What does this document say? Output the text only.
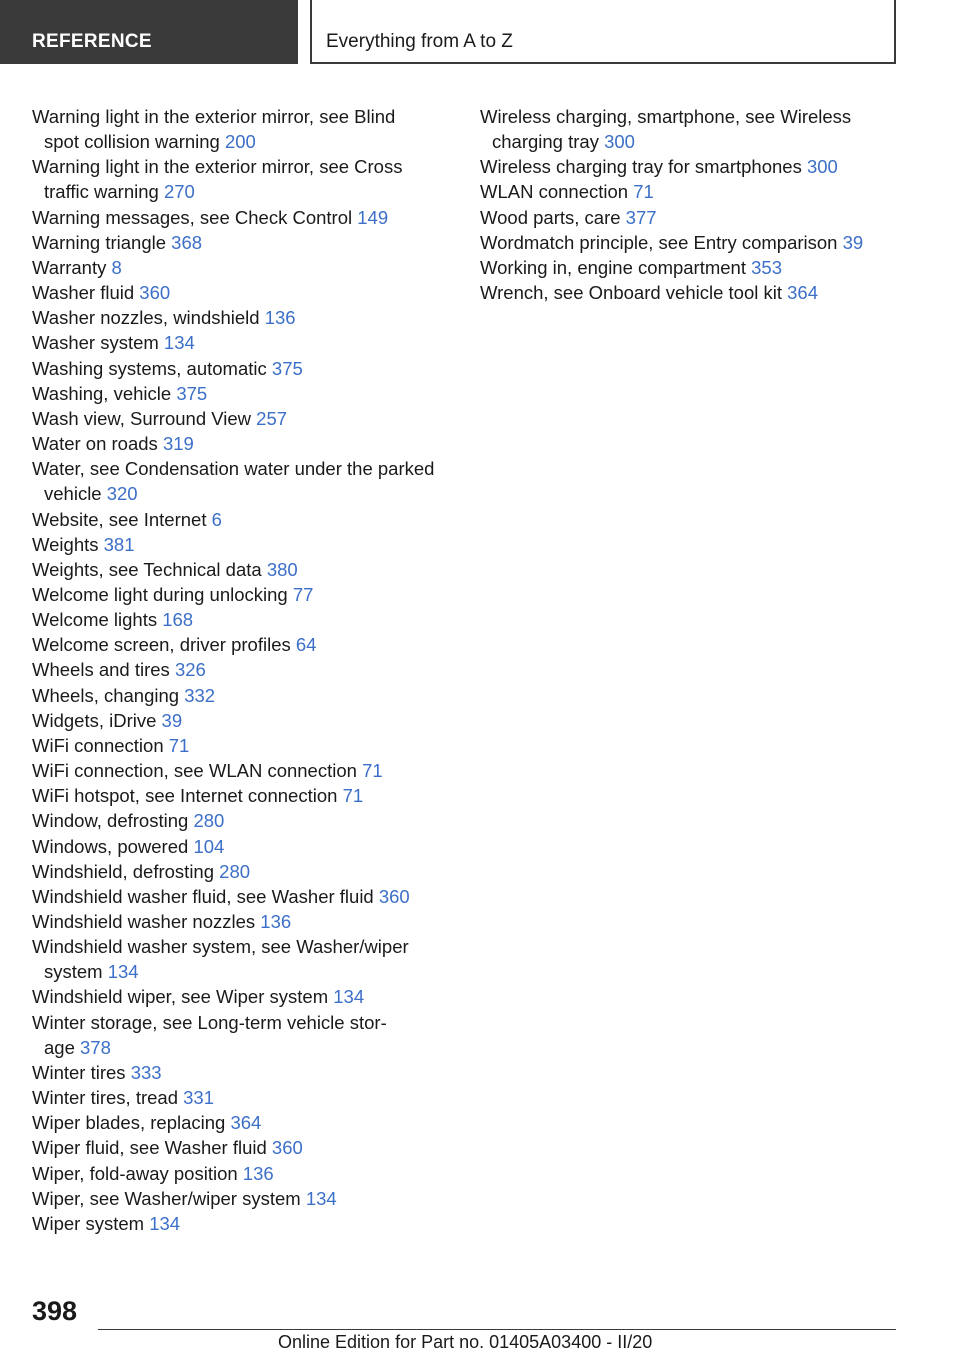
REFERENCE	Everything from A to Z
Warning light in the exterior mirror, see Blind
spot collision warning 200
Warning light in the exterior mirror, see Cross
traffic warning 270
Warning messages, see Check Control 149
Warning triangle 368
Warranty 8
Washer fluid 360
Washer nozzles, windshield 136
Washer system 134
Washing systems, automatic 375
Washing, vehicle 375
Wash view, Surround View 257
Water on roads 319
Water, see Condensation water under the parked
vehicle 320
Website, see Internet 6
Weights 381
Weights, see Technical data 380
Welcome light during unlocking 77
Welcome lights 168
Welcome screen, driver profiles 64
Wheels and tires 326
Wheels, changing 332
Widgets, iDrive 39
WiFi connection 71
WiFi connection, see WLAN connection 71
WiFi hotspot, see Internet connection 71
Window, defrosting 280
Windows, powered 104
Windshield, defrosting 280
Windshield washer fluid, see Washer fluid 360
Windshield washer nozzles 136
Windshield washer system, see Washer/wiper
system 134
Windshield wiper, see Wiper system 134
Winter storage, see Long-term vehicle stor-
age 378
Winter tires 333
Winter tires, tread 331
Wiper blades, replacing 364
Wiper fluid, see Washer fluid 360
Wiper, fold-away position 136
Wiper, see Washer/wiper system 134
Wiper system 134
Wireless charging, smartphone, see Wireless
charging tray 300
Wireless charging tray for smartphones 300
WLAN connection 71
Wood parts, care 377
Wordmatch principle, see Entry comparison 39
Working in, engine compartment 353
Wrench, see Onboard vehicle tool kit 364
398
Online Edition for Part no. 01405A03400 - II/20
